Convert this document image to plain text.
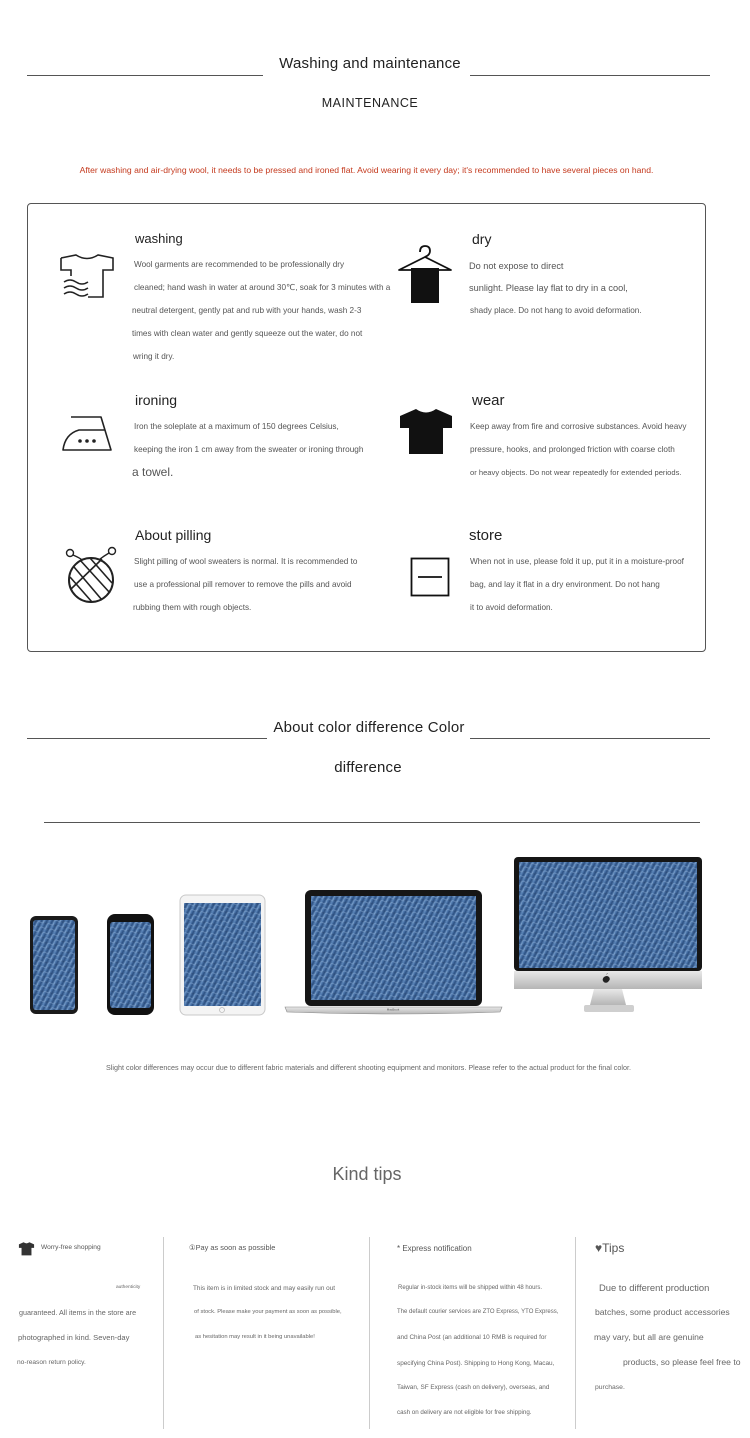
Washing and maintenance
MAINTENANCE
After washing and air-drying wool, it needs to be pressed and ironed flat. Avoid wearing it every day; it's recommended to have several pieces on hand.
washing
Wool garments are recommended to be professionally dry
cleaned; hand wash in water at around 30℃, soak for 3 minutes with a
neutral detergent, gently pat and rub with your hands, wash 2-3
times with clean water and gently squeeze out the water, do not
wring it dry.
dry
Do not expose to direct
sunlight. Please lay flat to dry in a cool,
shady place. Do not hang to avoid deformation.
ironing
Iron the soleplate at a maximum of 150 degrees Celsius,
keeping the iron 1 cm away from the sweater or ironing through
a towel.
wear
Keep away from fire and corrosive substances. Avoid heavy
pressure, hooks, and prolonged friction with coarse cloth
or heavy objects. Do not wear repeatedly for extended periods.
About pilling
Slight pilling of wool sweaters is normal. It is recommended to
use a professional pill remover to remove the pills and avoid
rubbing them with rough objects.
store
When not in use, please fold it up, put it in a moisture-proof
bag, and lay it flat in a dry environment. Do not hang
it to avoid deformation.
About color difference Color
difference
MacBook
Slight color differences may occur due to different fabric materials and different shooting equipment and monitors. Please refer to the actual product for the final color.
Kind tips
Worry-free shopping
authenticity
guaranteed. All items in the store are
photographed in kind. Seven-day
no-reason return policy.
①Pay as soon as possible
This item is in limited stock and may easily run out
of stock. Please make your payment as soon as possible,
as hesitation may result in it being unavailable!
* Express notification
Regular in-stock items will be shipped within 48 hours.
The default courier services are ZTO Express, YTO Express,
and China Post (an additional 10 RMB is required for
specifying China Post). Shipping to Hong Kong, Macau,
Taiwan, SF Express (cash on delivery), overseas, and
cash on delivery are not eligible for free shipping.
♥Tips
Due to different production
batches, some product accessories
may vary, but all are genuine
products, so please feel free to
purchase.
